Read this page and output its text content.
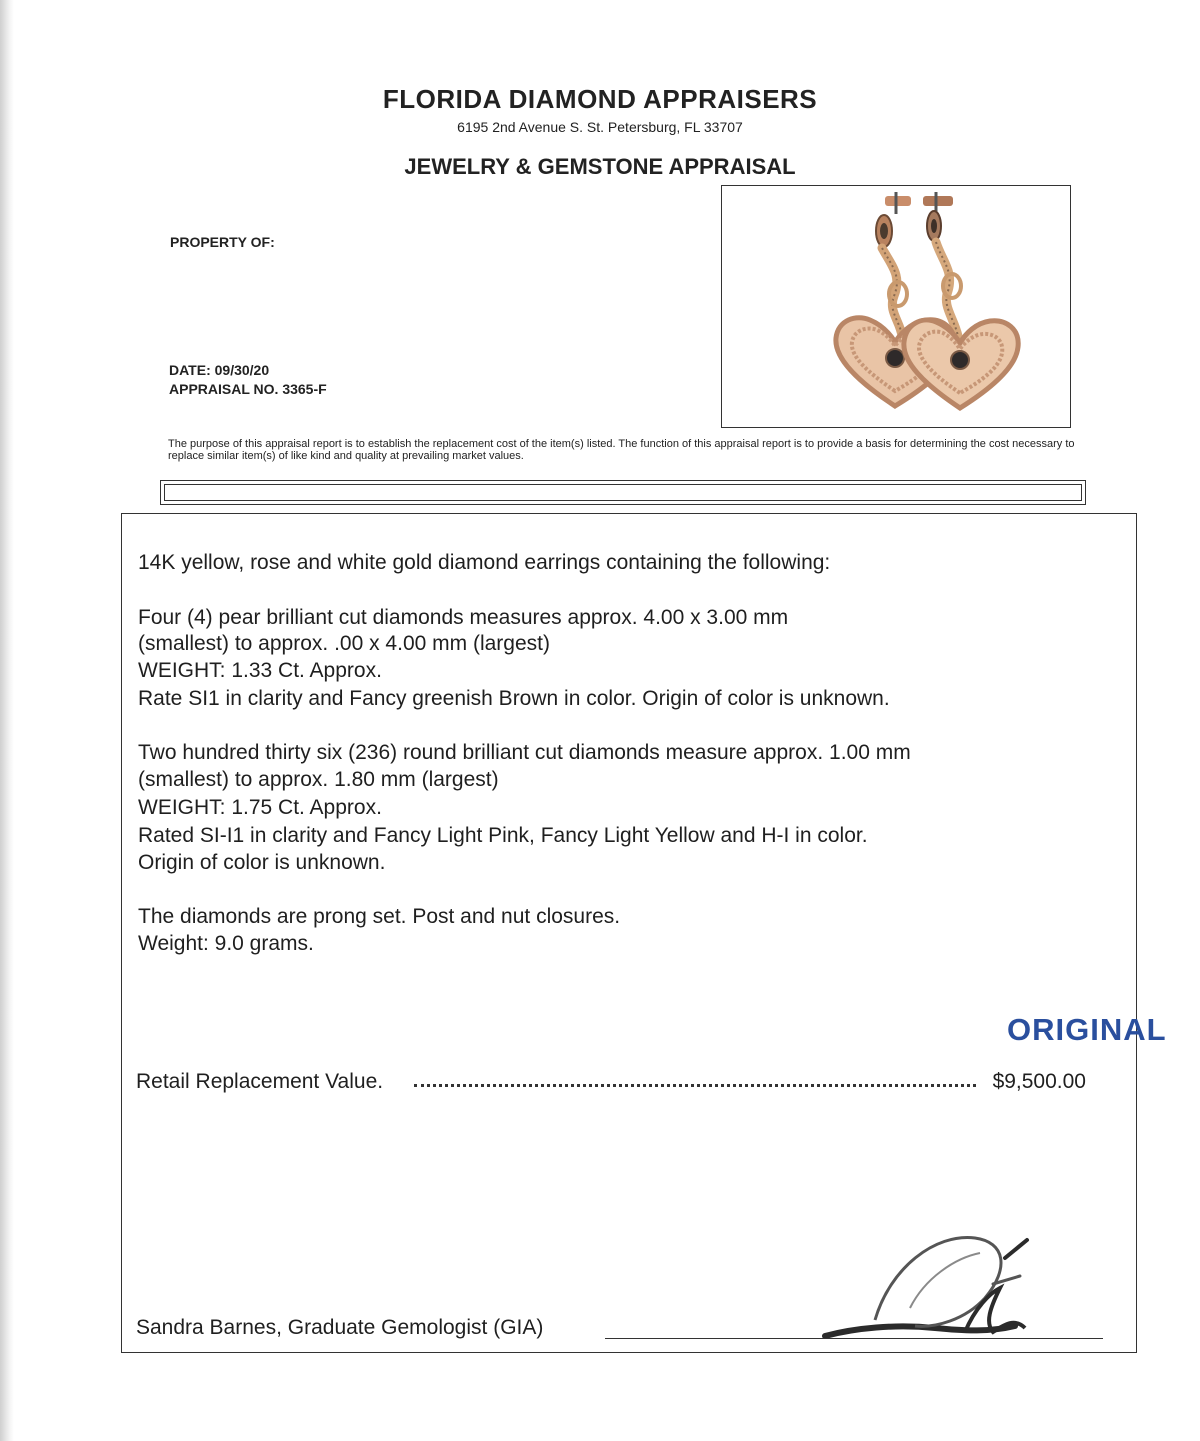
FLORIDA DIAMOND APPRAISERS
6195 2nd Avenue S. St. Petersburg, FL 33707
JEWELRY & GEMSTONE APPRAISAL
PROPERTY OF:
DATE: 09/30/20
APPRAISAL NO. 3365-F
The purpose of this appraisal report is to establish the replacement cost of the item(s) listed. The function of this appraisal report is to provide a basis for determining the cost necessary to replace similar item(s) of like kind and quality at prevailing market values.
14K yellow, rose and white gold diamond earrings containing the following:
Four (4) pear brilliant cut diamonds measures approx. 4.00 x 3.00 mm
(smallest) to approx. .00 x 4.00 mm (largest)
WEIGHT: 1.33 Ct. Approx.
Rate SI1 in clarity and Fancy greenish Brown in color. Origin of color is unknown.
Two hundred thirty six (236) round brilliant cut diamonds measure approx. 1.00 mm
(smallest) to approx. 1.80 mm (largest)
WEIGHT: 1.75 Ct. Approx.
Rated SI-I1 in clarity and Fancy Light Pink, Fancy Light Yellow and H-I in color.
Origin of color is unknown.
The diamonds are prong set. Post and nut closures.
Weight: 9.0 grams.
Retail Replacement Value.	$9,500.00
Sandra Barnes, Graduate Gemologist (GIA)
ORIGINAL
